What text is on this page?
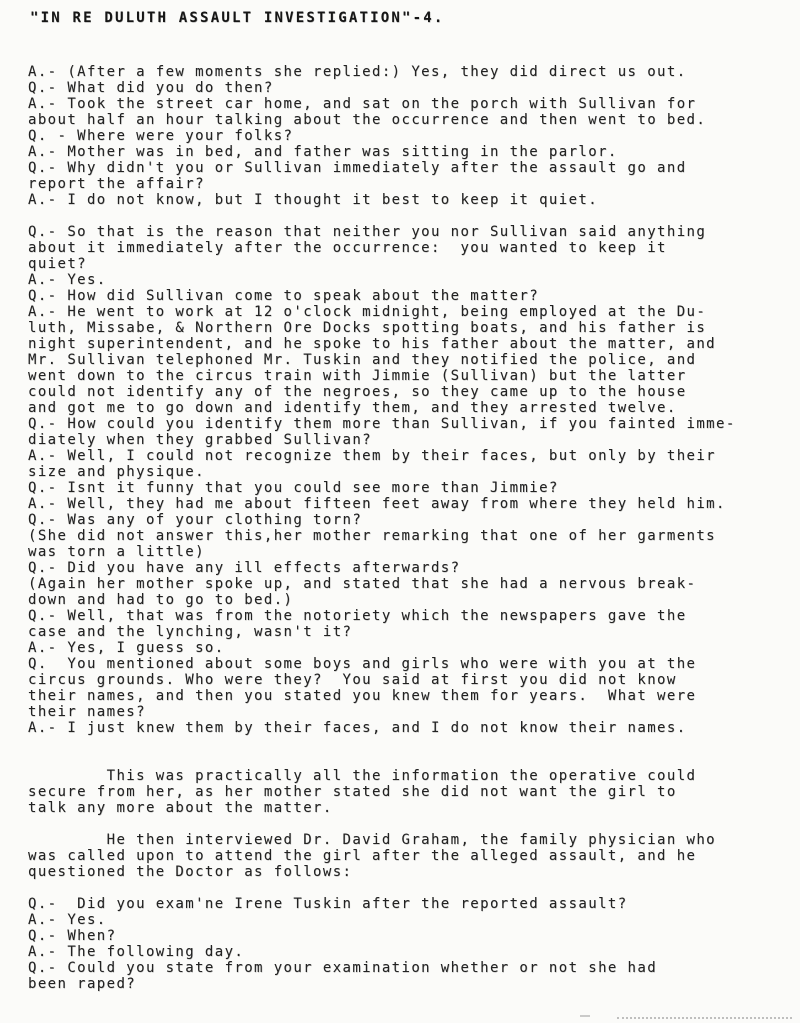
"IN RE DULUTH ASSAULT INVESTIGATION"-4.
A.- (After a few moments she replied:) Yes, they did direct us out.
Q.- What did you do then?
A.- Took the street car home, and sat on the porch with Sullivan for
about half an hour talking about the occurrence and then went to bed.
Q. - Where were your folks?
A.- Mother was in bed, and father was sitting in the parlor.
Q.- Why didn't you or Sullivan immediately after the assault go and
report the affair?
A.- I do not know, but I thought it best to keep it quiet.
Q.- So that is the reason that neither you nor Sullivan said anything
about it immediately after the occurrence:  you wanted to keep it
quiet?
A.- Yes.
Q.- How did Sullivan come to speak about the matter?
A.- He went to work at 12 o'clock midnight, being employed at the Du-
luth, Missabe, & Northern Ore Docks spotting boats, and his father is
night superintendent, and he spoke to his father about the matter, and
Mr. Sullivan telephoned Mr. Tuskin and they notified the police, and
went down to the circus train with Jimmie (Sullivan) but the latter
could not identify any of the negroes, so they came up to the house
and got me to go down and identify them, and they arrested twelve.
Q.- How could you identify them more than Sullivan, if you fainted imme-
diately when they grabbed Sullivan?
A.- Well, I could not recognize them by their faces, but only by their
size and physique.
Q.- Isnt it funny that you could see more than Jimmie?
A.- Well, they had me about fifteen feet away from where they held him.
Q.- Was any of your clothing torn?
(She did not answer this,her mother remarking that one of her garments
was torn a little)
Q.- Did you have any ill effects afterwards?
(Again her mother spoke up, and stated that she had a nervous break-
down and had to go to bed.)
Q.- Well, that was from the notoriety which the newspapers gave the
case and the lynching, wasn't it?
A.- Yes, I guess so.
Q.  You mentioned about some boys and girls who were with you at the
circus grounds. Who were they?  You said at first you did not know
their names, and then you stated you knew them for years.  What were
their names?
A.- I just knew them by their faces, and I do not know their names.
This was practically all the information the operative could
secure from her, as her mother stated she did not want the girl to
talk any more about the matter.
He then interviewed Dr. David Graham, the family physician who
was called upon to attend the girl after the alleged assault, and he
questioned the Doctor as follows:
Q.-  Did you exam'ne Irene Tuskin after the reported assault?
A.- Yes.
Q.- When?
A.- The following day.
Q.- Could you state from your examination whether or not she had
been raped?
